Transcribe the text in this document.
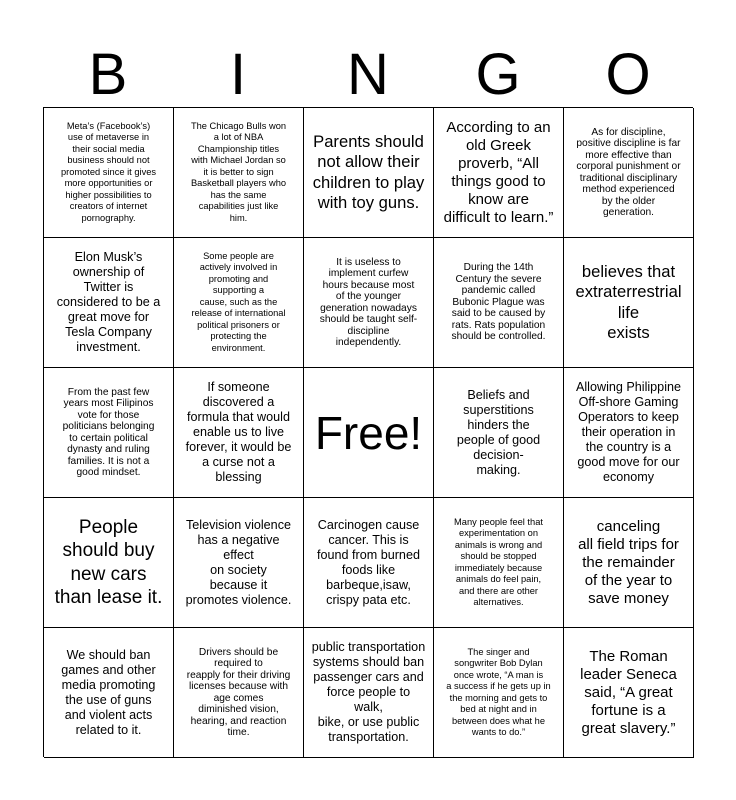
B	I	N	G	O
Meta’s (Facebook’s)
use of metaverse in
their social media
business should not
promoted since it gives
more opportunities or
higher possibilities to
creators of internet
pornography.
The Chicago Bulls won
a lot of NBA
Championship titles
with Michael Jordan so
it is better to sign
Basketball players who
has the same
capabilities just like
him.
Parents should
not allow their
children to play
with toy guns.
According to an
old Greek
proverb, “All
things good to
know are
difficult to learn.”
As for discipline,
positive discipline is far
more effective than
corporal punishment or
traditional disciplinary
method experienced
by the older
generation.
Elon Musk’s
ownership of
Twitter is
considered to be a
great move for
Tesla Company
investment.
Some people are
actively involved in
promoting and
supporting a
cause, such as the
release of international
political prisoners or
protecting the
environment.
It is useless to
implement curfew
hours because most
of the younger
generation nowadays
should be taught self-
discipline
independently.
During the 14th
Century the severe
pandemic called
Bubonic Plague was
said to be caused by
rats. Rats population
should be controlled.
believes that
extraterrestrial
life
exists
From the past few
years most Filipinos
vote for those
politicians belonging
to certain political
dynasty and ruling
families. It is not a
good mindset.
If someone
discovered a
formula that would
enable us to live
forever, it would be
a curse not a
blessing
Free!
Beliefs and
superstitions
hinders the
people of good
decision-
making.
Allowing Philippine
Off-shore Gaming
Operators to keep
their operation in
the country is a
good move for our
economy
People
should buy
new cars
than lease it.
Television violence
has a negative
effect
on society
because it
promotes violence.
Carcinogen cause
cancer. This is
found from burned
foods like
barbeque,isaw,
crispy pata etc.
Many people feel that
experimentation on
animals is wrong and
should be stopped
immediately because
animals do feel pain,
and there are other
alternatives.
canceling
all field trips for
the remainder
of the year to
save money
We should ban
games and other
media promoting
the use of guns
and violent acts
related to it.
Drivers should be
required to
reapply for their driving
licenses because with
age comes
diminished vision,
hearing, and reaction
time.
public transportation
systems should ban
passenger cars and
force people to walk,
bike, or use public
transportation.
The singer and
songwriter Bob Dylan
once wrote, “A man is
a success if he gets up in
the morning and gets to
bed at night and in
between does what he
wants to do.”
The Roman
leader Seneca
said, “A great
fortune is a
great slavery.”
